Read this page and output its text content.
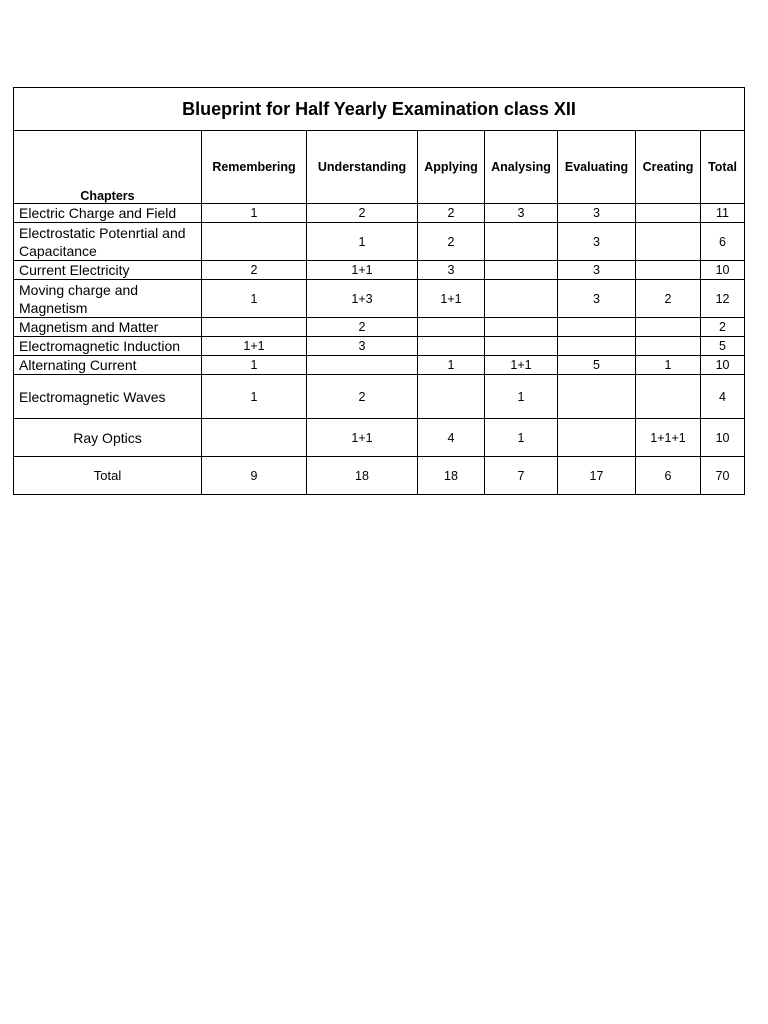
Blueprint for Half Yearly Examination class XII							
Chapters	Remembering	Understanding	Applying	Analysing	Evaluating	Creating	Total
Electric Charge and Field	1	2	2	3	3		11
Electrostatic Potenrtial and Capacitance		1	2		3		6
Current Electricity	2	1+1	3		3		10
Moving charge and Magnetism	1	1+3	1+1		3	2	12
Magnetism and Matter		2					2
Electromagnetic Induction	1+1	3					5
Alternating Current	1		1	1+1	5	1	10
Electromagnetic Waves	1	2		1			4
Ray Optics		1+1	4	1		1+1+1	10
Total	9	18	18	7	17	6	70
